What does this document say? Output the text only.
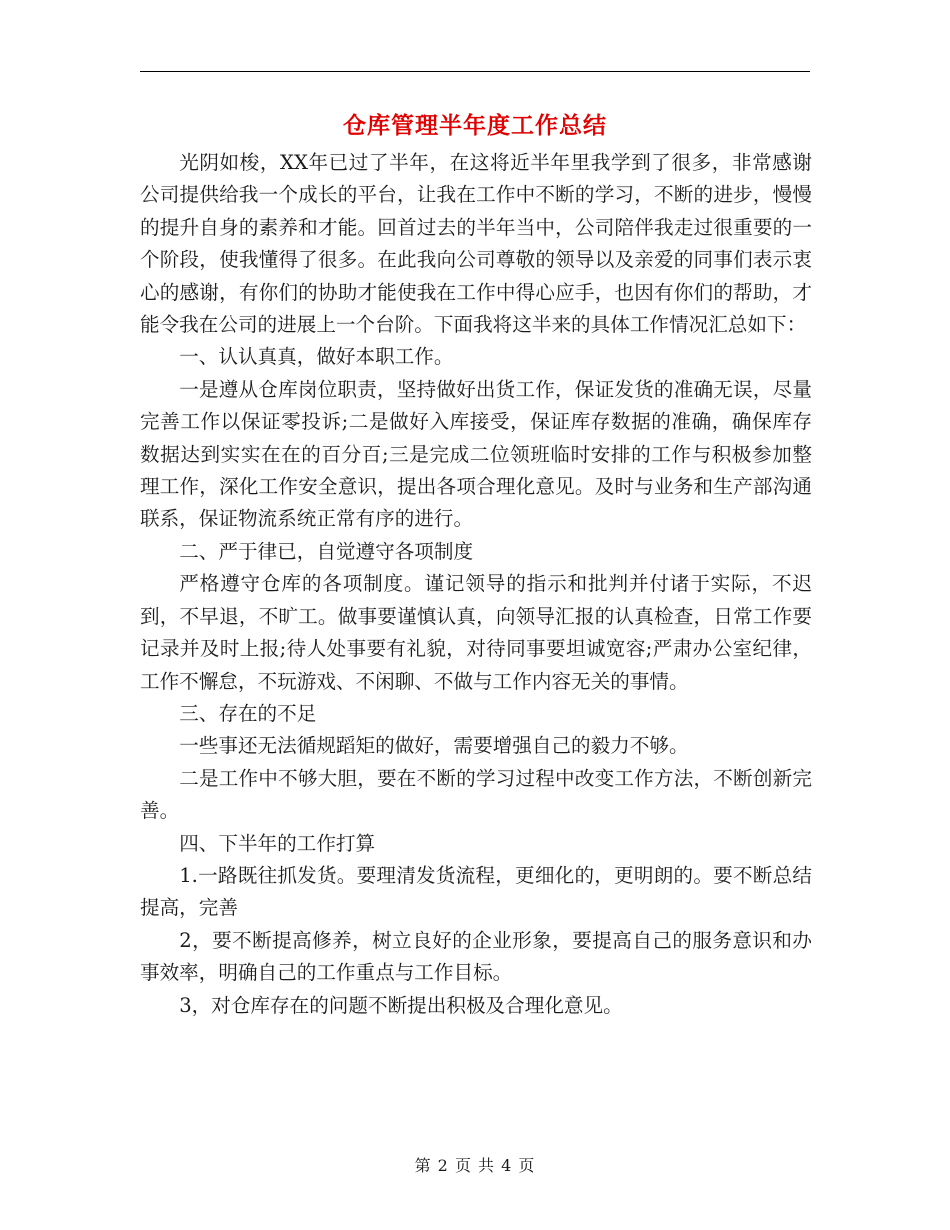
仓库管理半年度工作总结

光阴如梭，XX年已过了半年，在这将近半年里我学到了很多，非常感谢公司提供给我一个成长的平台，让我在工作中不断的学习，不断的进步，慢慢的提升自身的素养和才能。回首过去的半年当中，公司陪伴我走过很重要的一个阶段，使我懂得了很多。在此我向公司尊敬的领导以及亲爱的同事们表示衷心的感谢，有你们的协助才能使我在工作中得心应手，也因有你们的帮助，才能令我在公司的进展上一个台阶。下面我将这半来的具体工作情况汇总如下：

一、认认真真，做好本职工作。

一是遵从仓库岗位职责，坚持做好出货工作，保证发货的准确无误，尽量完善工作以保证零投诉;二是做好入库接受，保证库存数据的准确，确保库存数据达到实实在在的百分百;三是完成二位领班临时安排的工作与积极参加整理工作，深化工作安全意识，提出各项合理化意见。及时与业务和生产部沟通联系，保证物流系统正常有序的进行。

二、严于律已，自觉遵守各项制度

严格遵守仓库的各项制度。谨记领导的指示和批判并付诸于实际，不迟到，不早退，不旷工。做事要谨慎认真，向领导汇报的认真检查，日常工作要记录并及时上报;待人处事要有礼貌，对待同事要坦诚宽容;严肃办公室纪律，工作不懈怠，不玩游戏、不闲聊、不做与工作内容无关的事情。

三、存在的不足

一些事还无法循规蹈矩的做好，需要增强自己的毅力不够。

二是工作中不够大胆，要在不断的学习过程中改变工作方法，不断创新完善。

四、下半年的工作打算

1.一路既往抓发货。要理清发货流程，更细化的，更明朗的。要不断总结提高，完善

2，要不断提高修养，树立良好的企业形象，要提高自己的服务意识和办事效率，明确自己的工作重点与工作目标。

3，对仓库存在的问题不断提出积极及合理化意见。

第 2 页 共 4 页
